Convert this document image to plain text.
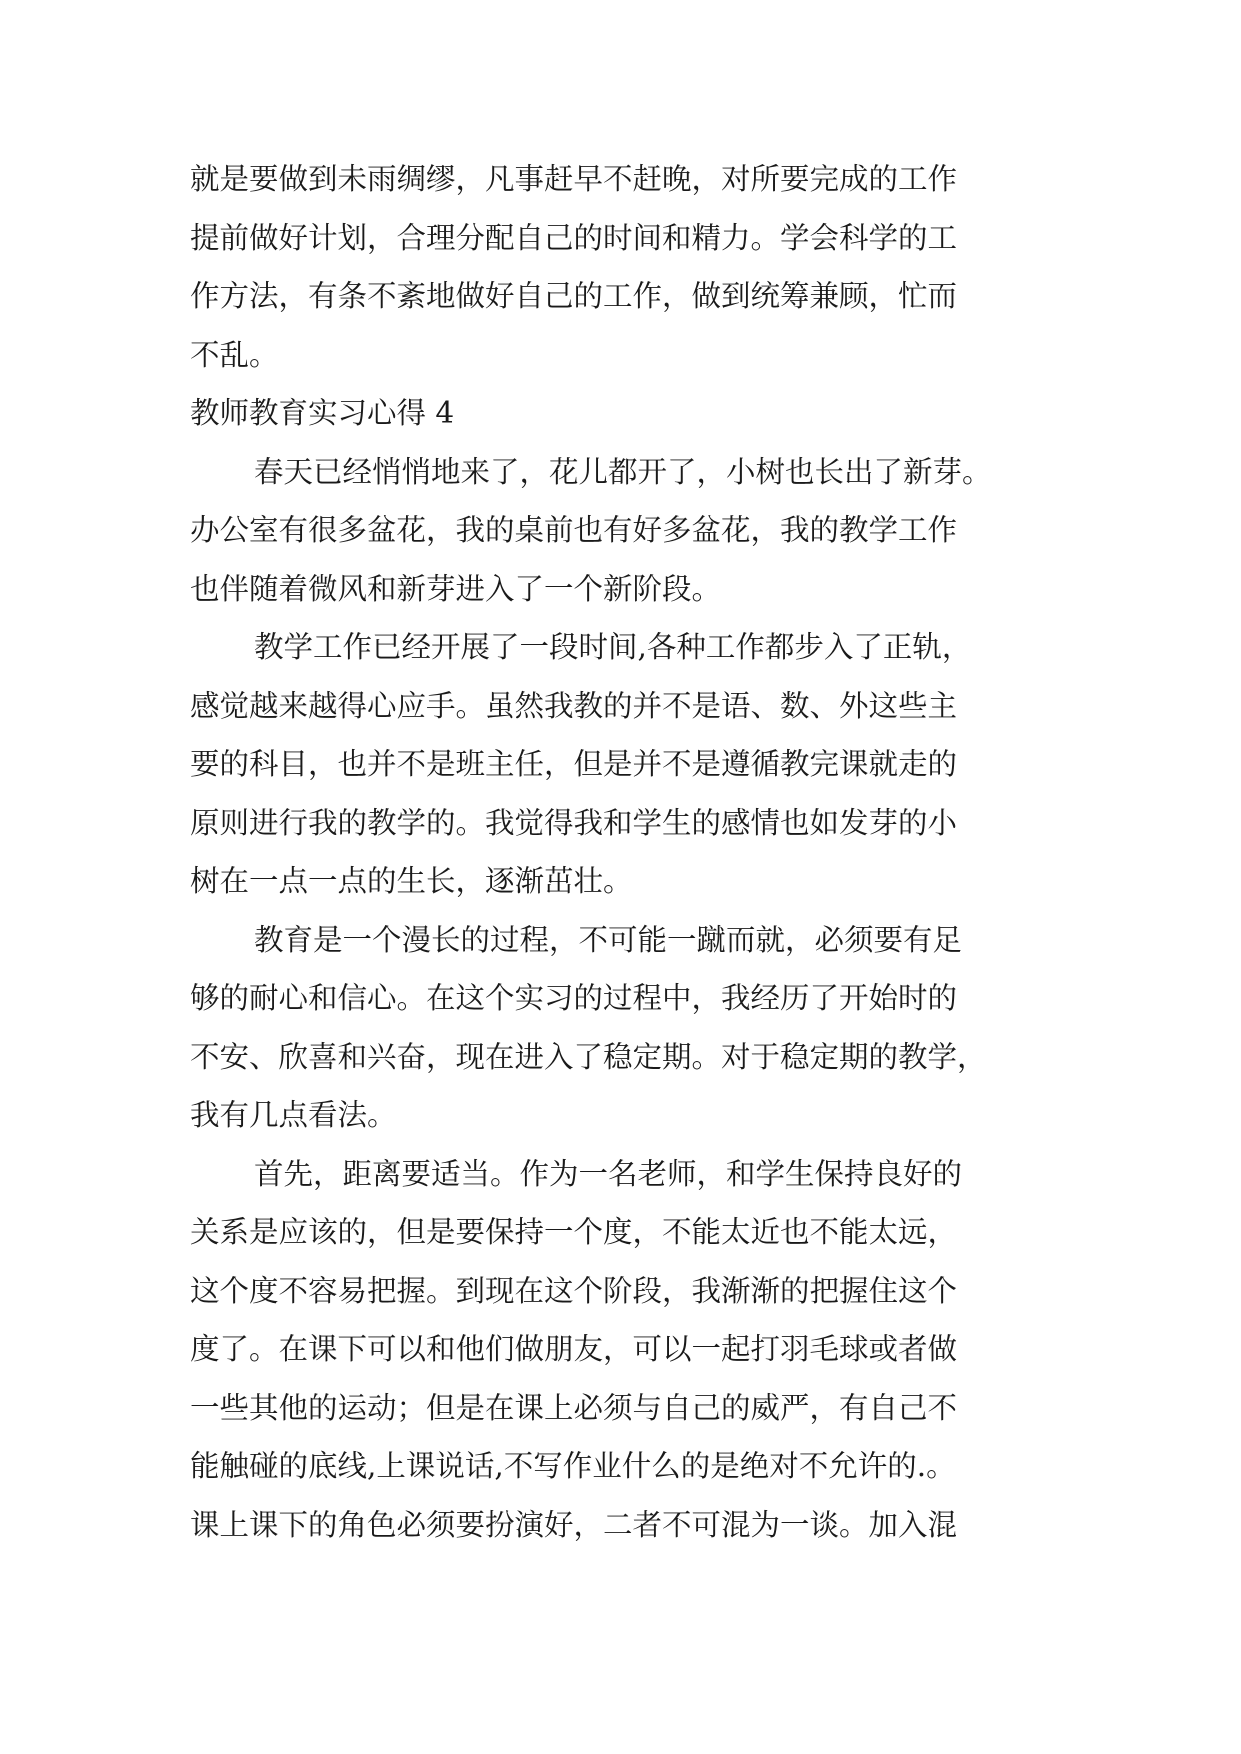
就是要做到未雨绸缪，凡事赶早不赶晚，对所要完成的工作
提前做好计划，合理分配自己的时间和精力。学会科学的工
作方法，有条不紊地做好自己的工作，做到统筹兼顾，忙而
不乱。
教师教育实习心得 4
春天已经悄悄地来了，花儿都开了，小树也长出了新芽。
办公室有很多盆花，我的桌前也有好多盆花，我的教学工作
也伴随着微风和新芽进入了一个新阶段。
教学工作已经开展了一段时间,各种工作都步入了正轨，
感觉越来越得心应手。虽然我教的并不是语、数、外这些主
要的科目，也并不是班主任，但是并不是遵循教完课就走的
原则进行我的教学的。我觉得我和学生的感情也如发芽的小
树在一点一点的生长，逐渐茁壮。
教育是一个漫长的过程，不可能一蹴而就，必须要有足
够的耐心和信心。在这个实习的过程中，我经历了开始时的
不安、欣喜和兴奋，现在进入了稳定期。对于稳定期的教学，
我有几点看法。
首先，距离要适当。作为一名老师，和学生保持良好的
关系是应该的，但是要保持一个度，不能太近也不能太远，
这个度不容易把握。到现在这个阶段，我渐渐的把握住这个
度了。在课下可以和他们做朋友，可以一起打羽毛球或者做
一些其他的运动；但是在课上必须与自己的威严，有自己不
能触碰的底线,上课说话,不写作业什么的是绝对不允许的.。
课上课下的角色必须要扮演好，二者不可混为一谈。加入混
